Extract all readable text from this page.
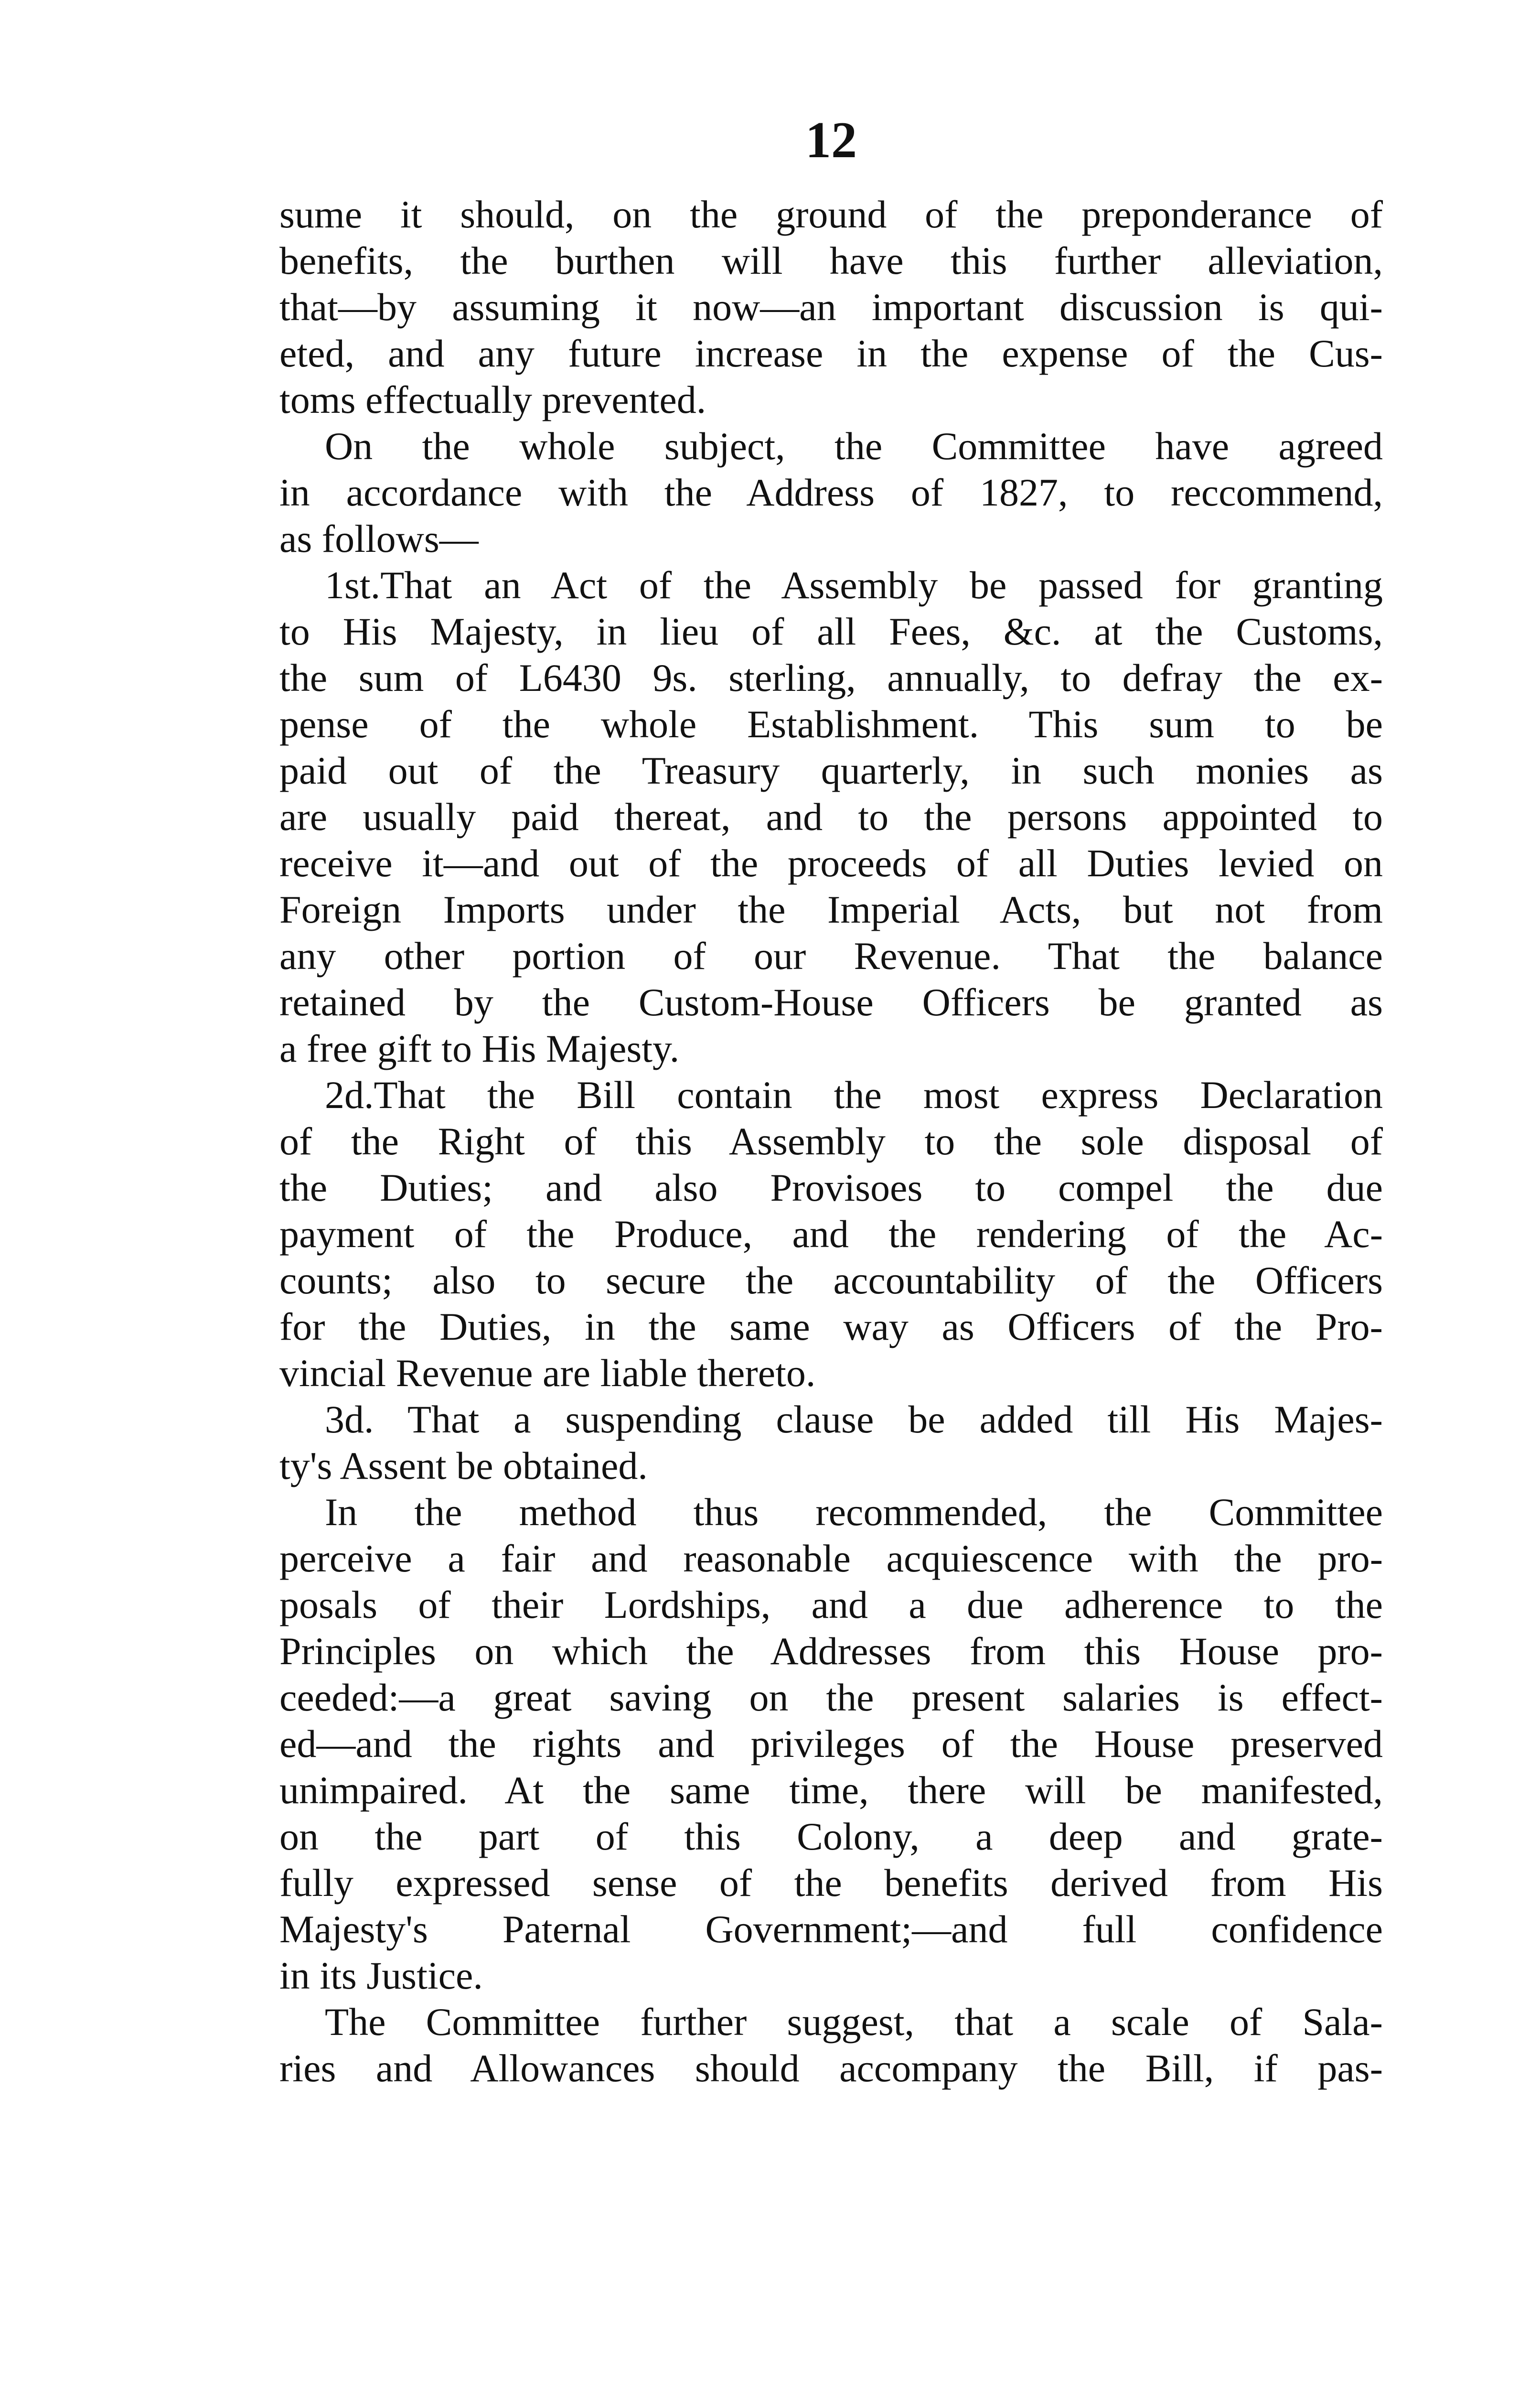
12
sume it should, on the ground of the preponderance of
benefits, the burthen will have this further alleviation,
that—by assuming it now—an important discussion is qui-
eted, and any future increase in the expense of the Cus-
toms effectually prevented.
On the whole subject, the Committee have agreed
in accordance with the Address of 1827, to reccommend,
as follows—
1st.That an Act of the Assembly be passed for granting
to His Majesty, in lieu of all Fees, &c. at the Customs,
the sum of L6430 9s. sterling, annually, to defray the ex-
pense of the whole Establishment. This sum to be
paid out of the Treasury quarterly, in such monies as
are usually paid thereat, and to the persons appointed to
receive it—and out of the proceeds of all Duties levied on
Foreign Imports under the Imperial Acts, but not from
any other portion of our Revenue. That the balance
retained by the Custom-House Officers be granted as
a free gift to His Majesty.
2d.That the Bill contain the most express Declaration
of the Right of this Assembly to the sole disposal of
the Duties; and also Provisoes to compel the due
payment of the Produce, and the rendering of the Ac-
counts; also to secure the accountability of the Officers
for the Duties, in the same way as Officers of the Pro-
vincial Revenue are liable thereto.
3d. That a suspending clause be added till His Majes-
ty's Assent be obtained.
In the method thus recommended, the Committee
perceive a fair and reasonable acquiescence with the pro-
posals of their Lordships, and a due adherence to the
Principles on which the Addresses from this House pro-
ceeded:—a great saving on the present salaries is effect-
ed—and the rights and privileges of the House preserved
unimpaired. At the same time, there will be manifested,
on the part of this Colony, a deep and grate-
fully expressed sense of the benefits derived from His
Majesty's Paternal Government;—and full confidence
in its Justice.
The Committee further suggest, that a scale of Sala-
ries and Allowances should accompany the Bill, if pas-
